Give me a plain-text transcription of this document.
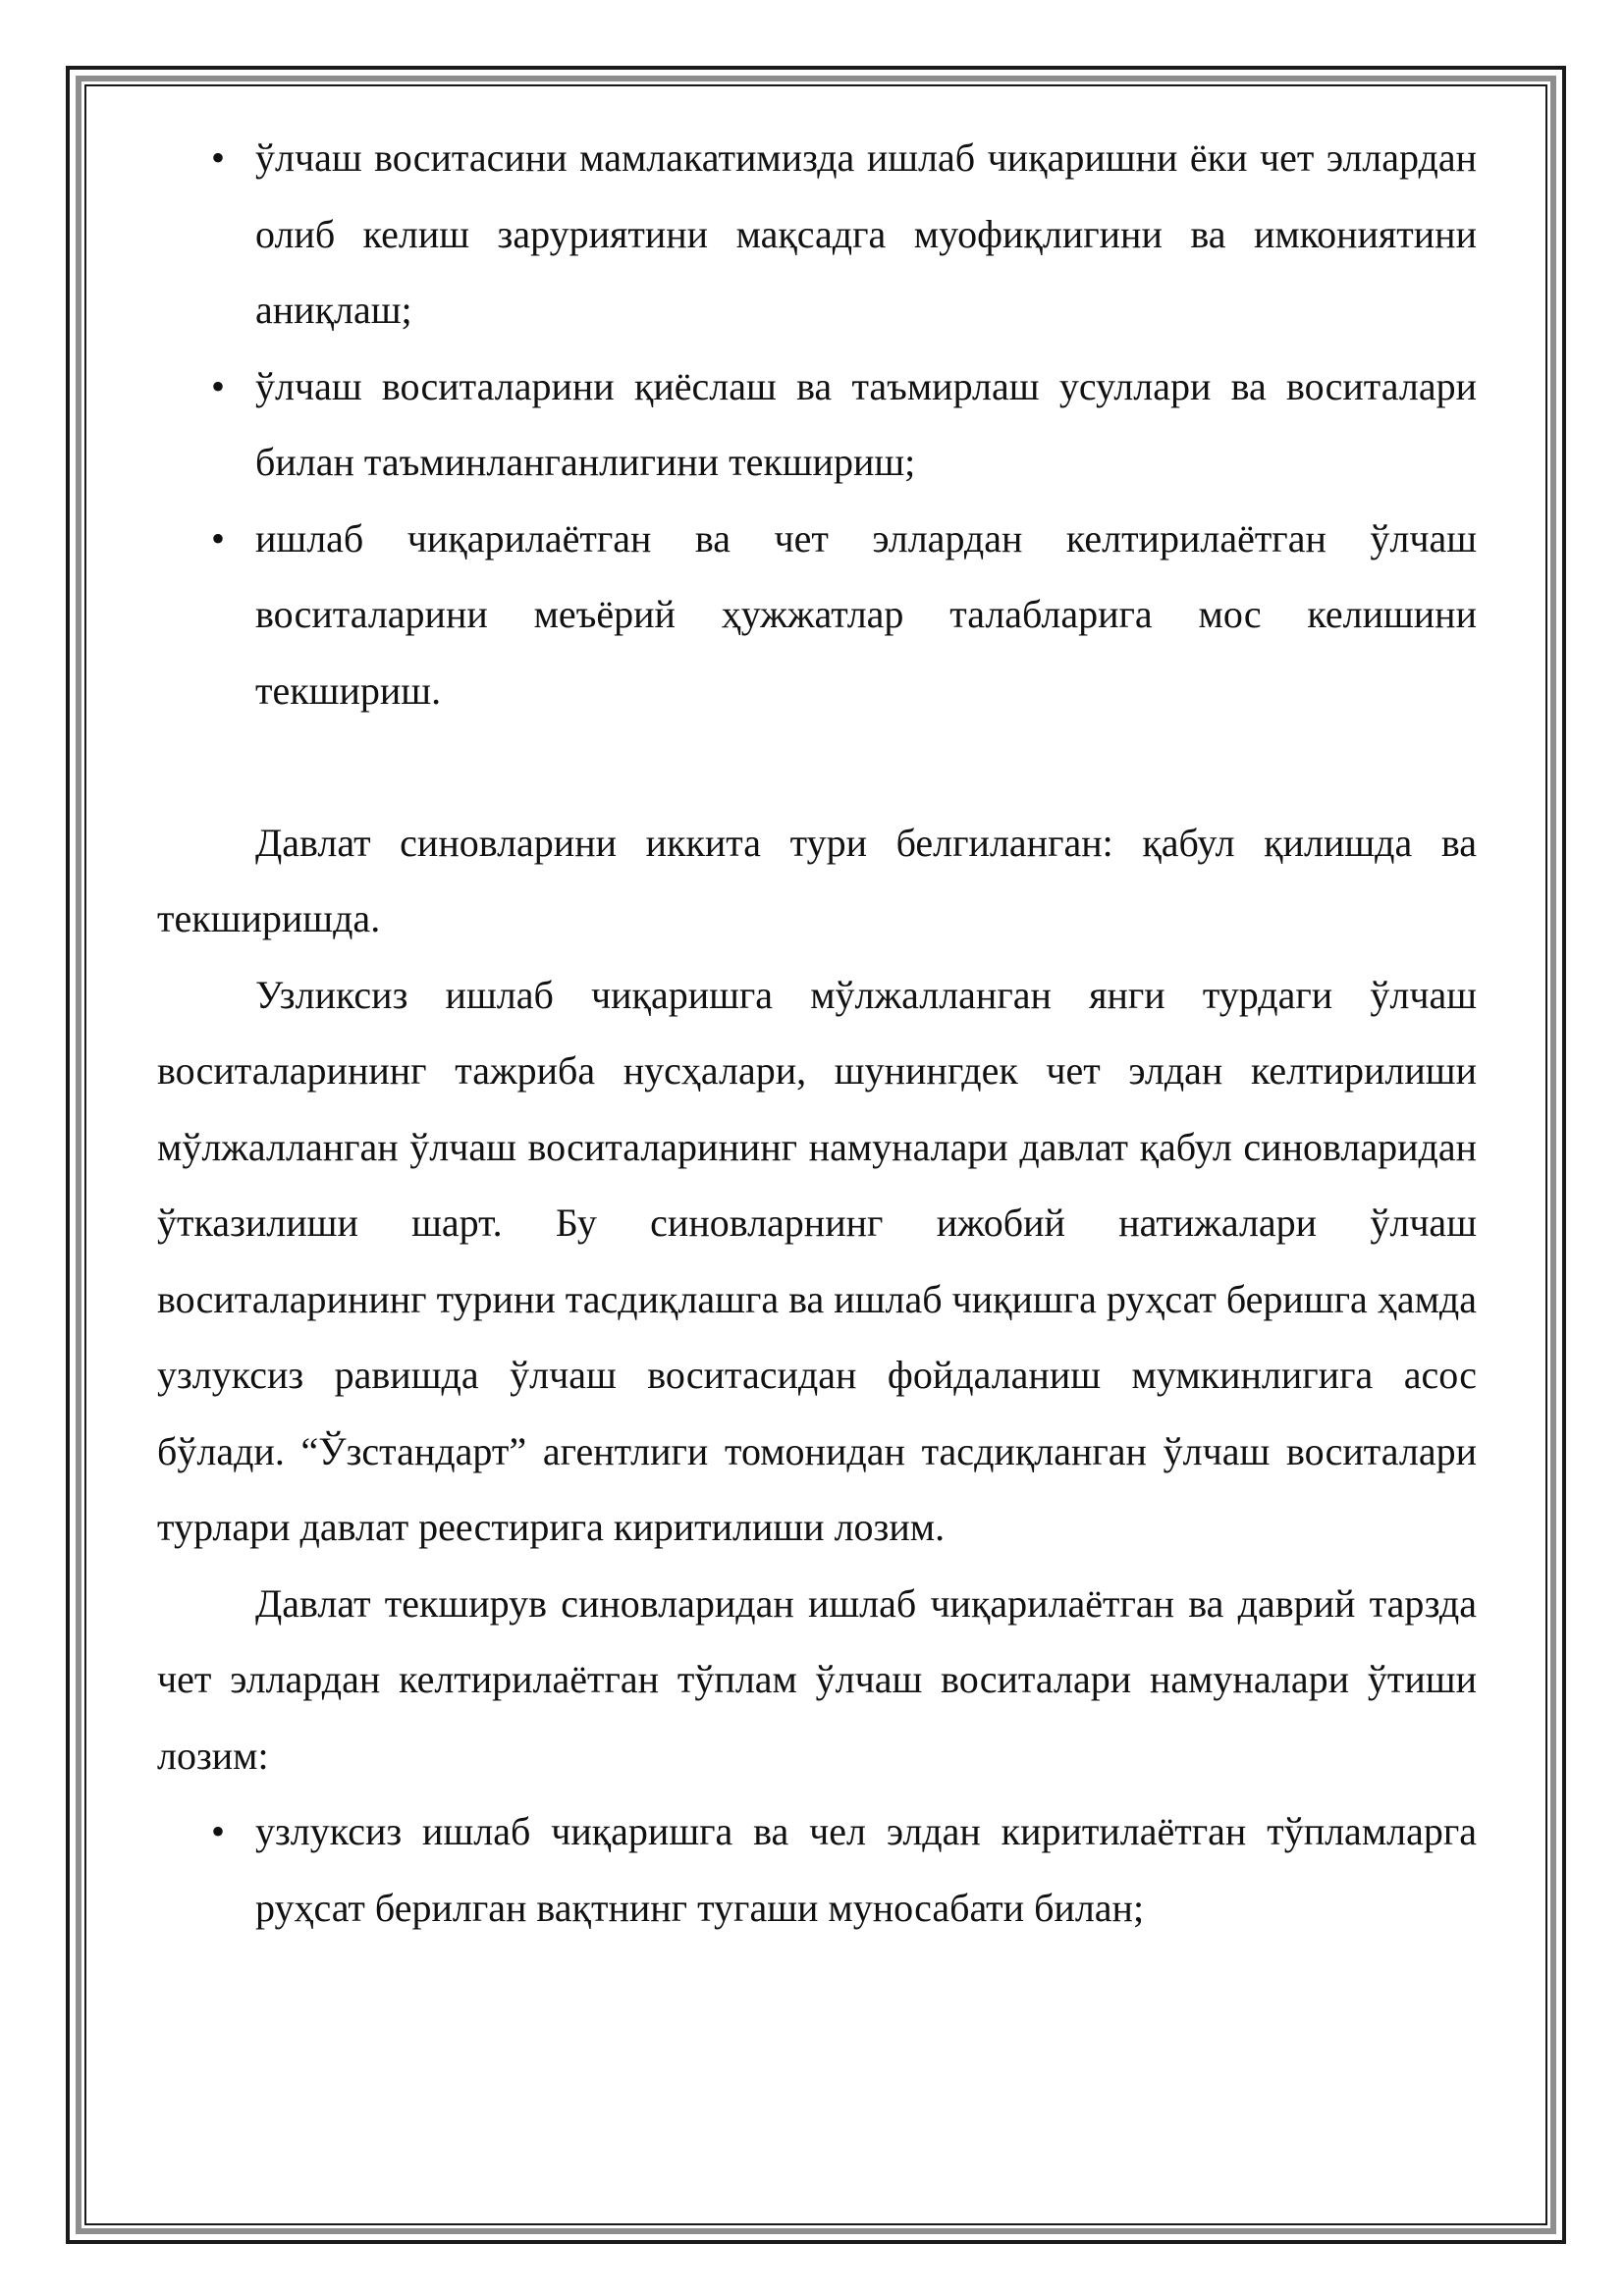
• ўлчаш воситасини мамлакатимизда ишлаб чиқаришни ёки чет эллардан олиб келиш заруриятини мақсадга муофиқлигини ва имкониятини аниқлаш;
• ўлчаш воситаларини қиёслаш ва таъмирлаш усуллари ва воситалари билан таъминланганлигини текшириш;
• ишлаб чиқарилаётган ва чет эллардан келтирилаётган ўлчаш воситаларини меъёрий ҳужжатлар талабларига мос келишини текшириш.

Давлат синовларини иккита тури белгиланган: қабул қилишда ва текширишда.

Узликсиз ишлаб чиқаришга мўлжалланган янги турдаги ўлчаш воситаларининг тажриба нусҳалари, шунингдек чет элдан келтирилиши мўлжалланган ўлчаш воситаларининг намуналари давлат қабул синовларидан ўтказилиши шарт. Бу синовларнинг ижобий натижалари ўлчаш воситаларининг турини тасдиқлашга ва ишлаб чиқишга руҳсат беришга ҳамда узлуксиз равишда ўлчаш воситасидан фойдаланиш мумкинлигига асос бўлади. “Ўзстандарт” агентлиги томонидан тасдиқланган ўлчаш воситалари турлари давлат реестирига киритилиши лозим.

Давлат текширув синовларидан ишлаб чиқарилаётган ва даврий тарзда чет эллардан келтирилаётган тўплам ўлчаш воситалари намуналари ўтиши лозим:

• узлуксиз ишлаб чиқаришга ва чел элдан киритилаётган тўпламларга руҳсат берилган вақтнинг тугаши муносабати билан;
